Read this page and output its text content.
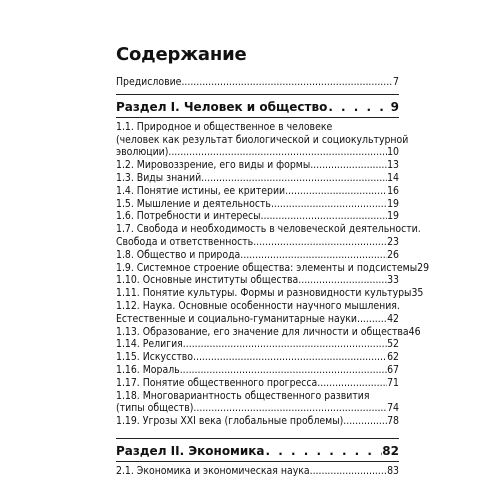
Содержание
Предисловие .....	7
Раздел I. Человек и общество . . .	9
1.1. Природное и общественное в человеке
(человек как результат биологической и социокультурной
эволюции) .....	10
1.2. Мировоззрение, его виды и формы .....	13
1.3. Виды знаний .....	14
1.4. Понятие истины, ее критерии .....	16
1.5. Мышление и деятельность .....	19
1.6. Потребности и интересы .....	19
1.7. Свобода и необходимость в человеческой деятельности.
Свобода и ответственность .....	23
1.8. Общество и природа .....	26
1.9. Системное строение общества: элементы и подсистемы 29
1.10. Основные институты общества .....	33
1.11. Понятие культуры. Формы и разновидности культуры 35
1.12. Наука. Основные особенности научного мышления.
Естественные и социально-гуманитарные науки .....	42
1.13. Образование, его значение для личности и общества 46
1.14. Религия .....	52
1.15. Искусство .....	62
1.16. Мораль .....	67
1.17. Понятие общественного прогресса .....	71
1.18. Многовариантность общественного развития
(типы обществ) .....	74
1.19. Угрозы XXI века (глобальные проблемы) .....	78
Раздел II. Экономика . . .	82
2.1. Экономика и экономическая наука .....	83
